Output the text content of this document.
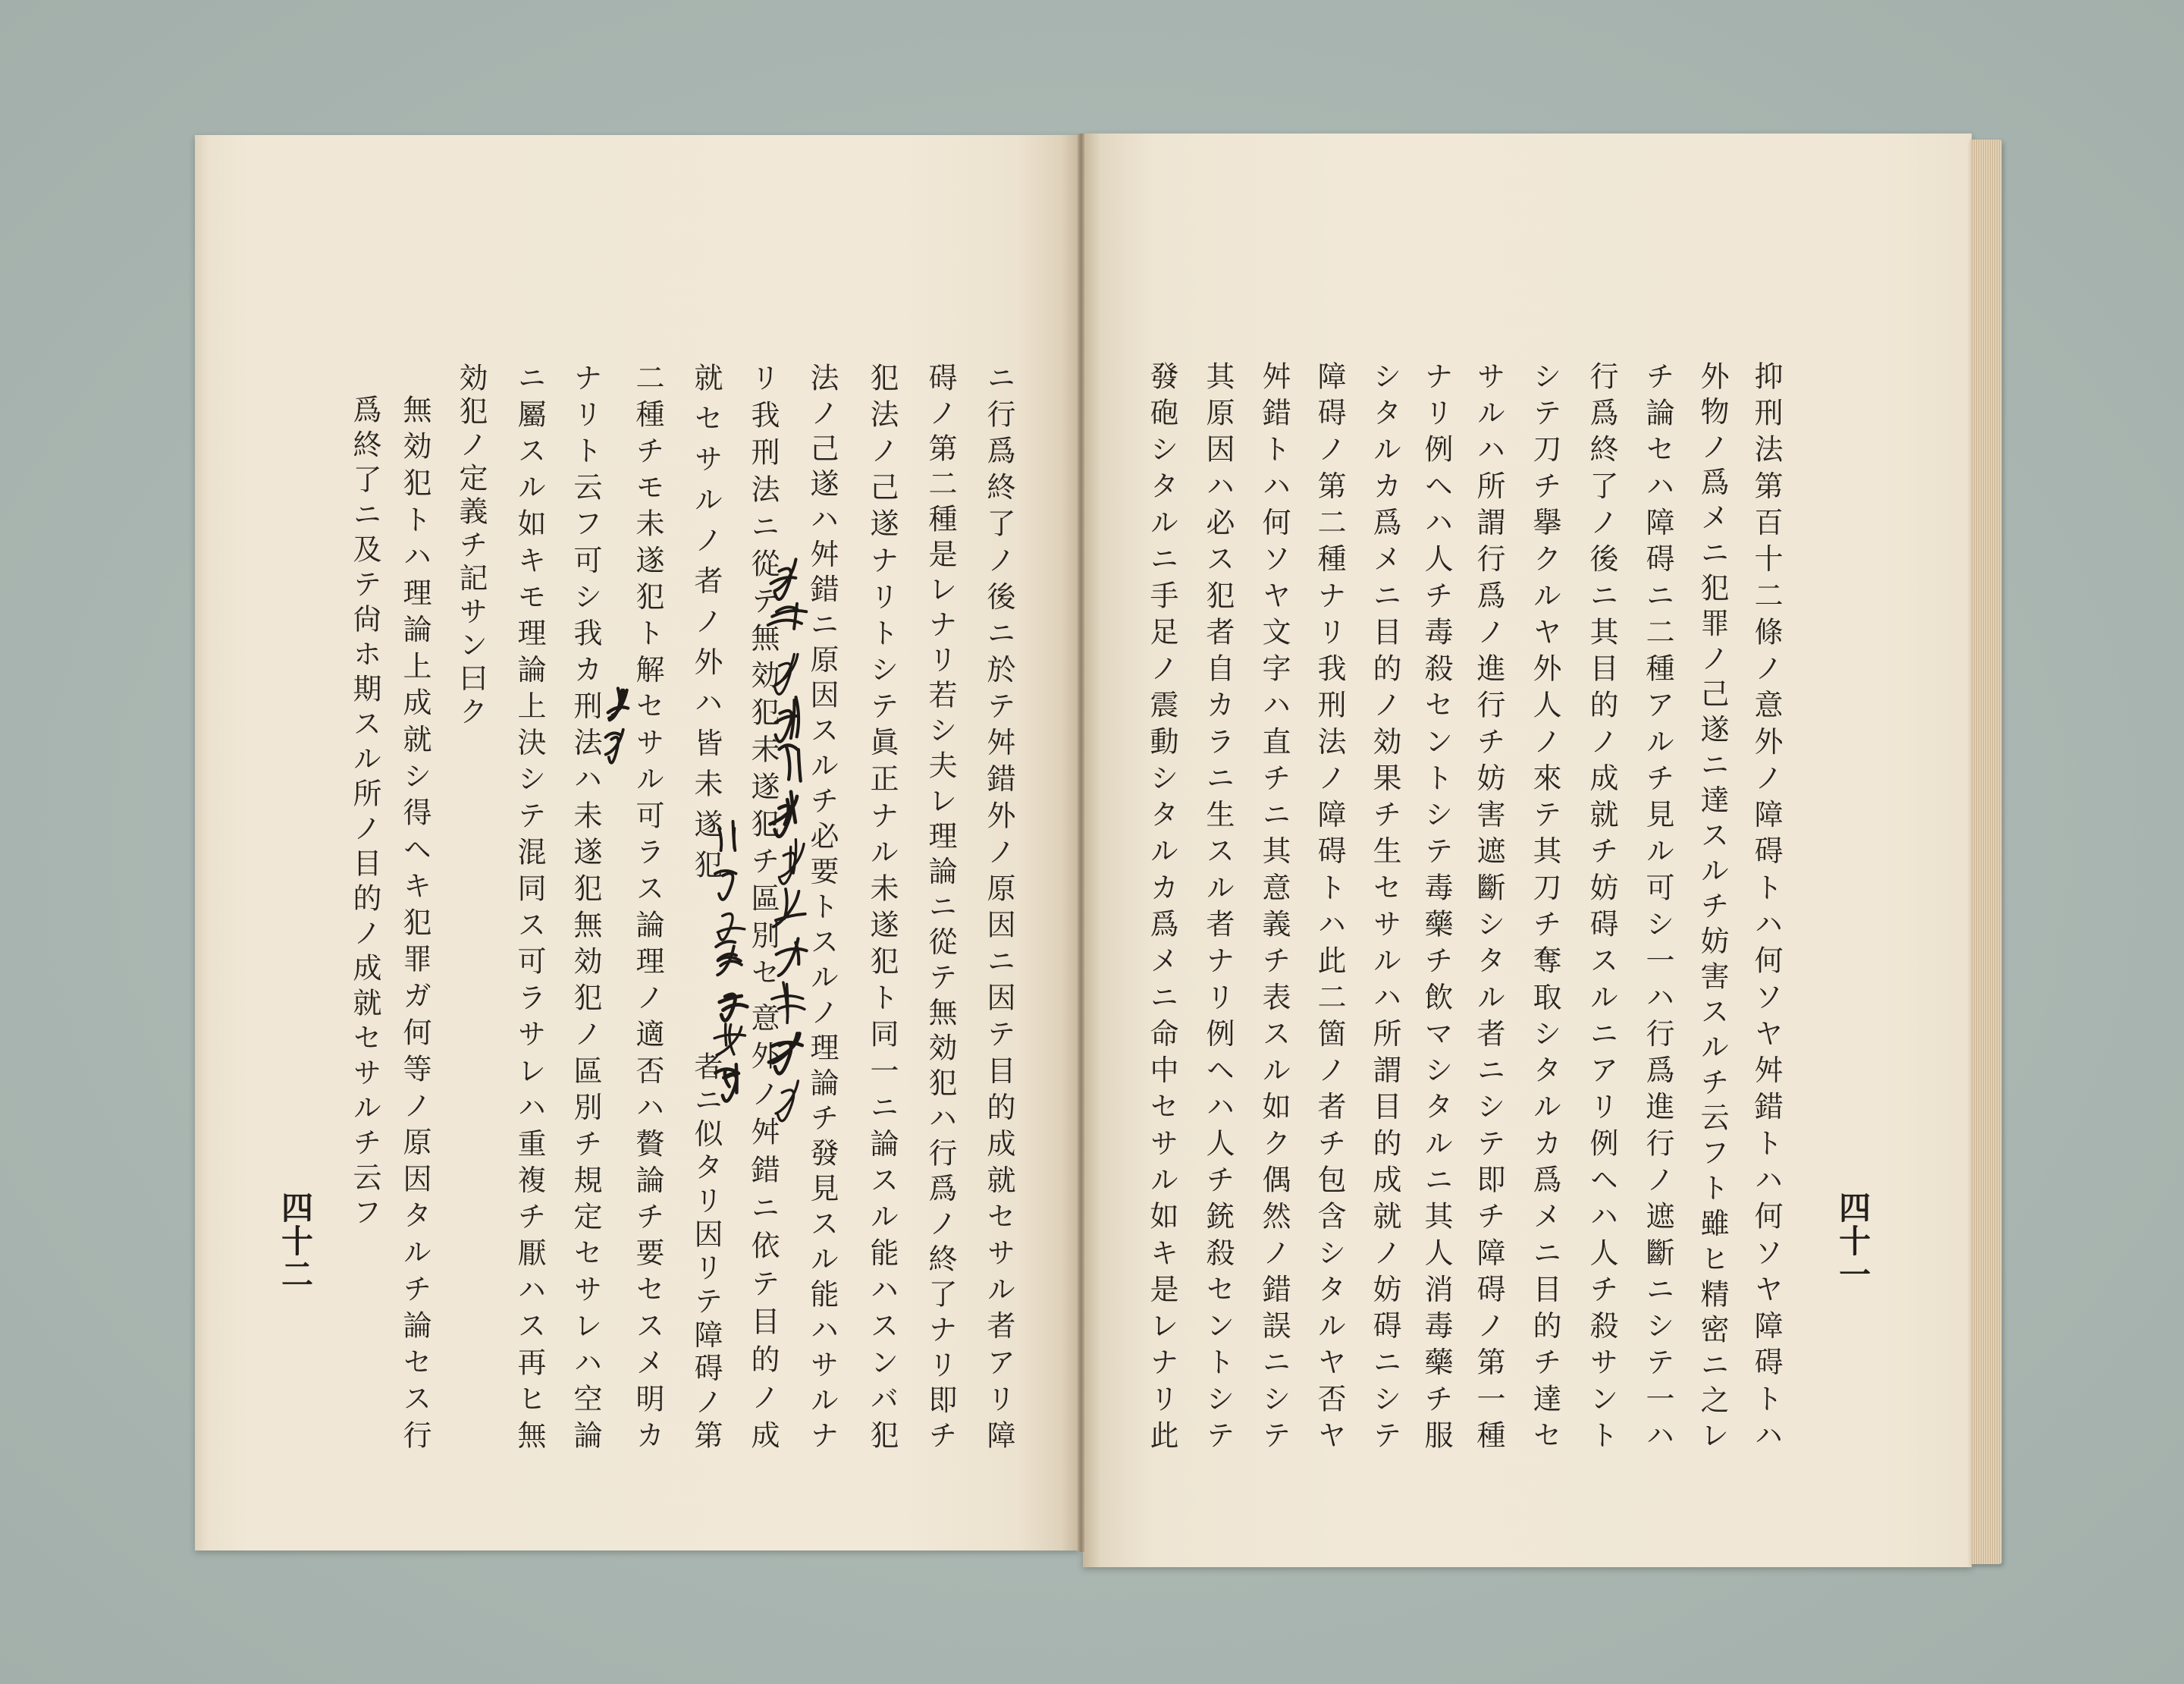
抑刑法第百十二條ノ意外ノ障碍トハ何ソヤ舛錯トハ何ソヤ障碍トハ
外物ノ爲メニ犯罪ノ己遂ニ達スルチ妨害スルチ云フト雖ヒ精密ニ之レ
チ論セハ障碍ニ二種アルチ見ル可シ一ハ行爲進行ノ遮斷ニシテ一ハ
行爲終了ノ後ニ其目的ノ成就チ妨碍スルニアリ例ヘハ人チ殺サント
シテ刀チ擧クルヤ外人ノ來テ其刀チ奪取シタルカ爲メニ目的チ達セ
サルハ所謂行爲ノ進行チ妨害遮斷シタル者ニシテ即チ障碍ノ第一種
ナリ例ヘハ人チ毒殺セントシテ毒藥チ飲マシタルニ其人消毒藥チ服
シタルカ爲メニ目的ノ効果チ生セサルハ所謂目的成就ノ妨碍ニシテ
障碍ノ第二種ナリ我刑法ノ障碍トハ此二箇ノ者チ包含シタルヤ否ヤ
舛錯トハ何ソヤ文字ハ直チニ其意義チ表スル如ク偶然ノ錯誤ニシテ
其原因ハ必ス犯者自カラニ生スル者ナリ例ヘハ人チ銃殺セントシテ
發砲シタルニ手足ノ震動シタルカ爲メニ命中セサル如キ是レナリ此	四十一
ニ行爲終了ノ後ニ於テ舛錯外ノ原因ニ因テ目的成就セサル者アリ障
碍ノ第二種是レナリ若シ夫レ理論ニ從テ無効犯ハ行爲ノ終了ナリ即チ
犯法ノ己遂ナリトシテ眞正ナル未遂犯ト同一ニ論スル能ハスンバ犯
法ノ己遂ハ舛錯ニ原因スルチ必要トスルノ理論チ發見スル能ハサルナ
リ我刑法ニ從テ無効犯未遂犯チ區別セ
意外ノ舛錯ニ依テ目的ノ成
就セサルノ者ノ外ハ皆未遂犯
者ニ似タリ因リテ障碍ノ第
二種チモ未遂犯ト解セサル可ラス論理ノ適否ハ贅論チ要セスメ明カ
ナリト云フ可シ我カ刑法ハ未遂犯無効犯ノ區別チ規定セサレハ空論
ニ屬スル如キモ理論上決シテ混同ス可ラサレハ重複チ厭ハス再ヒ無
効犯ノ定義チ記サン曰ク
無効犯トハ理論上成就シ得ヘキ犯罪ガ何等ノ原因タルチ論セス行
爲終了ニ及テ尙ホ期スル所ノ目的ノ成就セサルチ云フ
四十二
